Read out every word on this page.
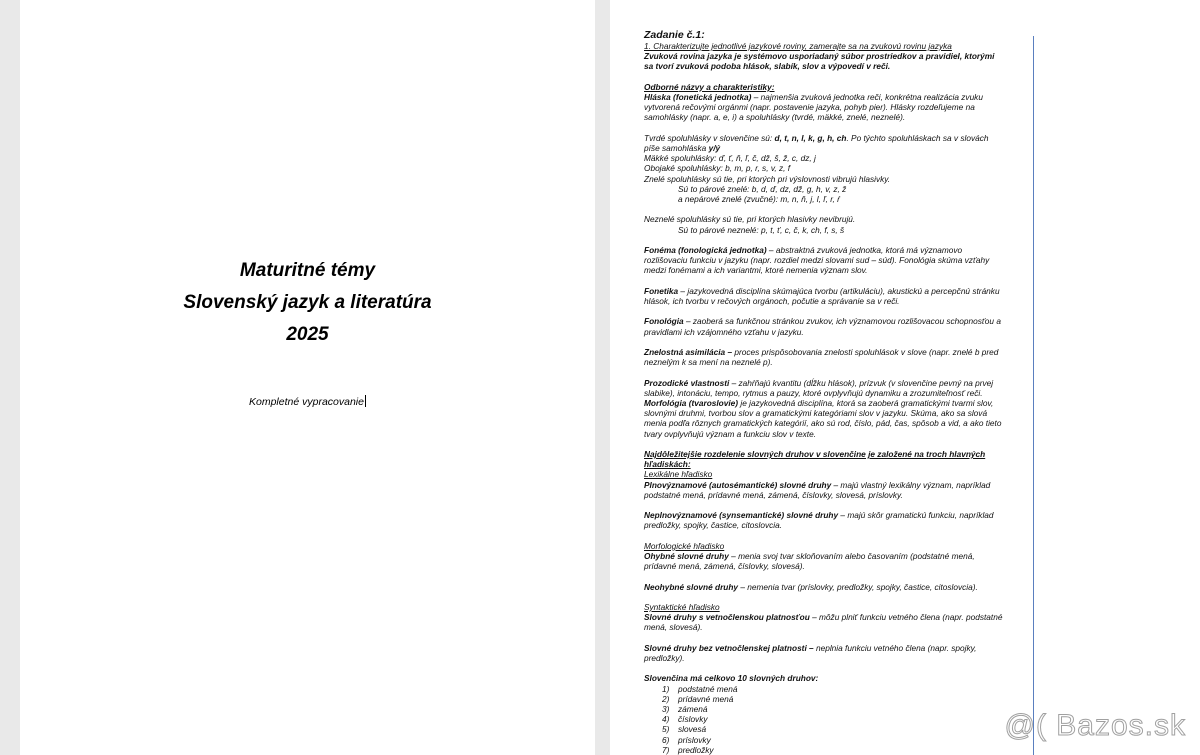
Maturitné témy
Slovenský jazyk a literatúra
2025
Kompletné vypracovanie

Zadanie č.1:

1. Charakterizujte jednotlivé jazykové roviny, zamerajte sa na zvukovú rovinu jazyka

Zvuková rovina jazyka je systémovo usporiadaný súbor prostriedkov a pravidiel, ktorými sa tvorí zvuková podoba hlások, slabík, slov a výpovedí v reči.

Odborné názvy a charakteristiky:

Hláska (fonetická jednotka) – najmenšia zvuková jednotka reči, konkrétna realizácia zvuku vytvorená rečovými orgánmi (napr. postavenie jazyka, pohyb pier). Hlásky rozdeľujeme na samohlásky (napr. a, e, i) a spoluhlásky (tvrdé, mäkké, znelé, neznelé).

Tvrdé spoluhlásky v slovenčine sú: d, t, n, l, k, g, h, ch. Po týchto spoluhláskach sa v slovách píše samohláska y/ý

Mäkké spoluhlásky: ď, ť, ň, ľ, č, dž, š, ž, c, dz, j

Obojaké spoluhlásky: b, m, p, r, s, v, z, f

Znelé spoluhlásky sú tie, pri ktorých pri výslovnosti vibrujú hlasivky.

Sú to párové znelé: b, d, ď, dz, dž, g, h, v, z, ž

a nepárové znelé (zvučné): m, n, ň, j, l, ľ, r, ŕ

Neznelé spoluhlásky sú tie, pri ktorých hlasivky nevibrujú.

Sú to párové neznelé: p, t, ť, c, č, k, ch, f, s, š

Fonéma (fonologická jednotka) – abstraktná zvuková jednotka, ktorá má významovo rozlišovaciu funkciu v jazyku (napr. rozdiel medzi slovami sud – súd). Fonológia skúma vzťahy medzi fonémami a ich variantmi, ktoré nemenia význam slov.

Fonetika – jazykovedná disciplína skúmajúca tvorbu (artikuláciu), akustickú a percepčnú stránku hlások, ich tvorbu v rečových orgánoch, počutie a správanie sa v reči.

Fonológia – zaoberá sa funkčnou stránkou zvukov, ich významovou rozlišovacou schopnosťou a pravidlami ich vzájomného vzťahu v jazyku.

Znelostná asimilácia – proces prispôsobovania znelosti spoluhlások v slove (napr. znelé b pred neznelým k sa mení na neznelé p).

Prozodické vlastnosti – zahŕňajú kvantitu (dĺžku hlások), prízvuk (v slovenčine pevný na prvej slabike), intonáciu, tempo, rytmus a pauzy, ktoré ovplyvňujú dynamiku a zrozumiteľnosť reči.

Morfológia (tvaroslovie) je jazykovedná disciplína, ktorá sa zaoberá gramatickými tvarmi slov, slovnými druhmi, tvorbou slov a gramatickými kategóriami slov v jazyku. Skúma, ako sa slová menia podľa rôznych gramatických kategórií, ako sú rod, číslo, pád, čas, spôsob a vid, a ako tieto tvary ovplyvňujú význam a funkciu slov v texte.

Najdôležitejšie rozdelenie slovných druhov v slovenčine je založené na troch hlavných hľadiskách:

Lexikálne hľadisko

Plnovýznamové (autosémantické) slovné druhy – majú vlastný lexikálny význam, napríklad podstatné mená, prídavné mená, zámená, číslovky, slovesá, príslovky.

Neplnovýznamové (synsemantické) slovné druhy – majú skôr gramatickú funkciu, napríklad predložky, spojky, častice, citoslovcia.

Morfologické hľadisko

Ohybné slovné druhy – menia svoj tvar skloňovaním alebo časovaním (podstatné mená, prídavné mená, zámená, číslovky, slovesá).

Neohybné slovné druhy – nemenia tvar (príslovky, predložky, spojky, častice, citoslovcia).

Syntaktické hľadisko

Slovné druhy s vetnočlenskou platnosťou – môžu plniť funkciu vetného člena (napr. podstatné mená, slovesá).

Slovné druhy bez vetnočlenskej platnosti – neplnia funkciu vetného člena (napr. spojky, predložky).

Slovenčina má celkovo 10 slovných druhov:

1)	podstatné mená
2)	prídavné mená
3)	zámená
4)	číslovky
5)	slovesá
6)	príslovky
7)	predložky
@( Bazos.sk
